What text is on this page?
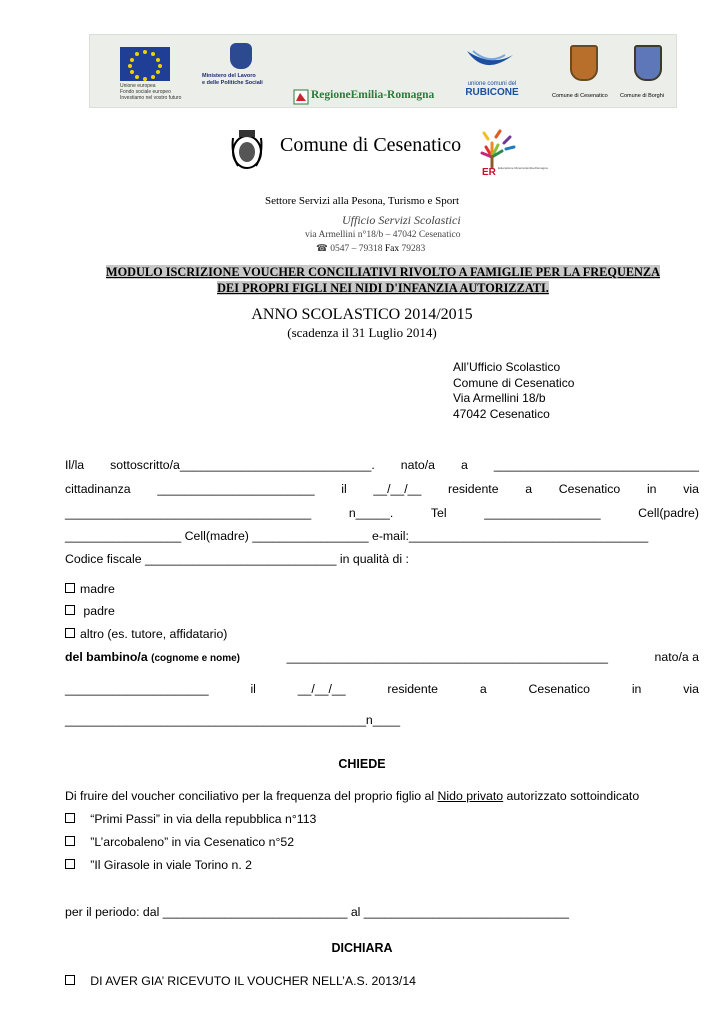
Unione europea
Fondo sociale europeo
Investiamo nel vostro futuro
Ministero del Lavoro
e delle Politiche Sociali
RegioneEmilia-Romagna
unione comuni del
RUBICONE	Comune di Cesenatico Comune di Borghi
Comune di Cesenatico
ER Educazione Ricerca Emilia-Romagna
Settore Servizi alla Pesona, Turismo e Sport
Ufficio Servizi Scolastici
via Armellini n°18/b – 47042 Cesenatico
☎ 0547 – 79318 Fax 79283
MODULO ISCRIZIONE VOUCHER CONCILIATIVI RIVOLTO A FAMIGLIE PER LA FREQUENZA DEI PROPRI FIGLI NEI NIDI D'INFANZIA AUTORIZZATI.
ANNO SCOLASTICO 2014/2015
(scadenza il 31 Luglio 2014)
All’Ufficio Scolastico
Comune di Cesenatico
Via Armellini 18/b
47042 Cesenatico
Il/la sottoscritto/a____________________________. nato/a a ______________________________
cittadinanza _______________________ il __/__/__ residente a Cesenatico in via
____________________________________	n_____.	Tel	_________________	Cell(padre)
_________________ Cell(madre) _________________ e-mail:___________________________________
Codice fiscale ____________________________ in qualità di :
madre
padre
altro (es. tutore, affidatario)
del bambino/a (cognome e nome)	_______________________________________________	nato/a a
_____________________	il	__/__/__	residente	a	Cesenatico	in	via
____________________________________________n____
CHIEDE
Di fruire del voucher conciliativo per la frequenza del proprio figlio al Nido privato autorizzato sottoindicato
“Primi Passi” in via della repubblica n°113
”L’arcobaleno” in via Cesenatico n°52
”Il Girasole in viale Torino n. 2
per il periodo: dal ___________________________ al ______________________________
DICHIARA
DI AVER GIA’ RICEVUTO IL VOUCHER NELL’A.S. 2013/14
